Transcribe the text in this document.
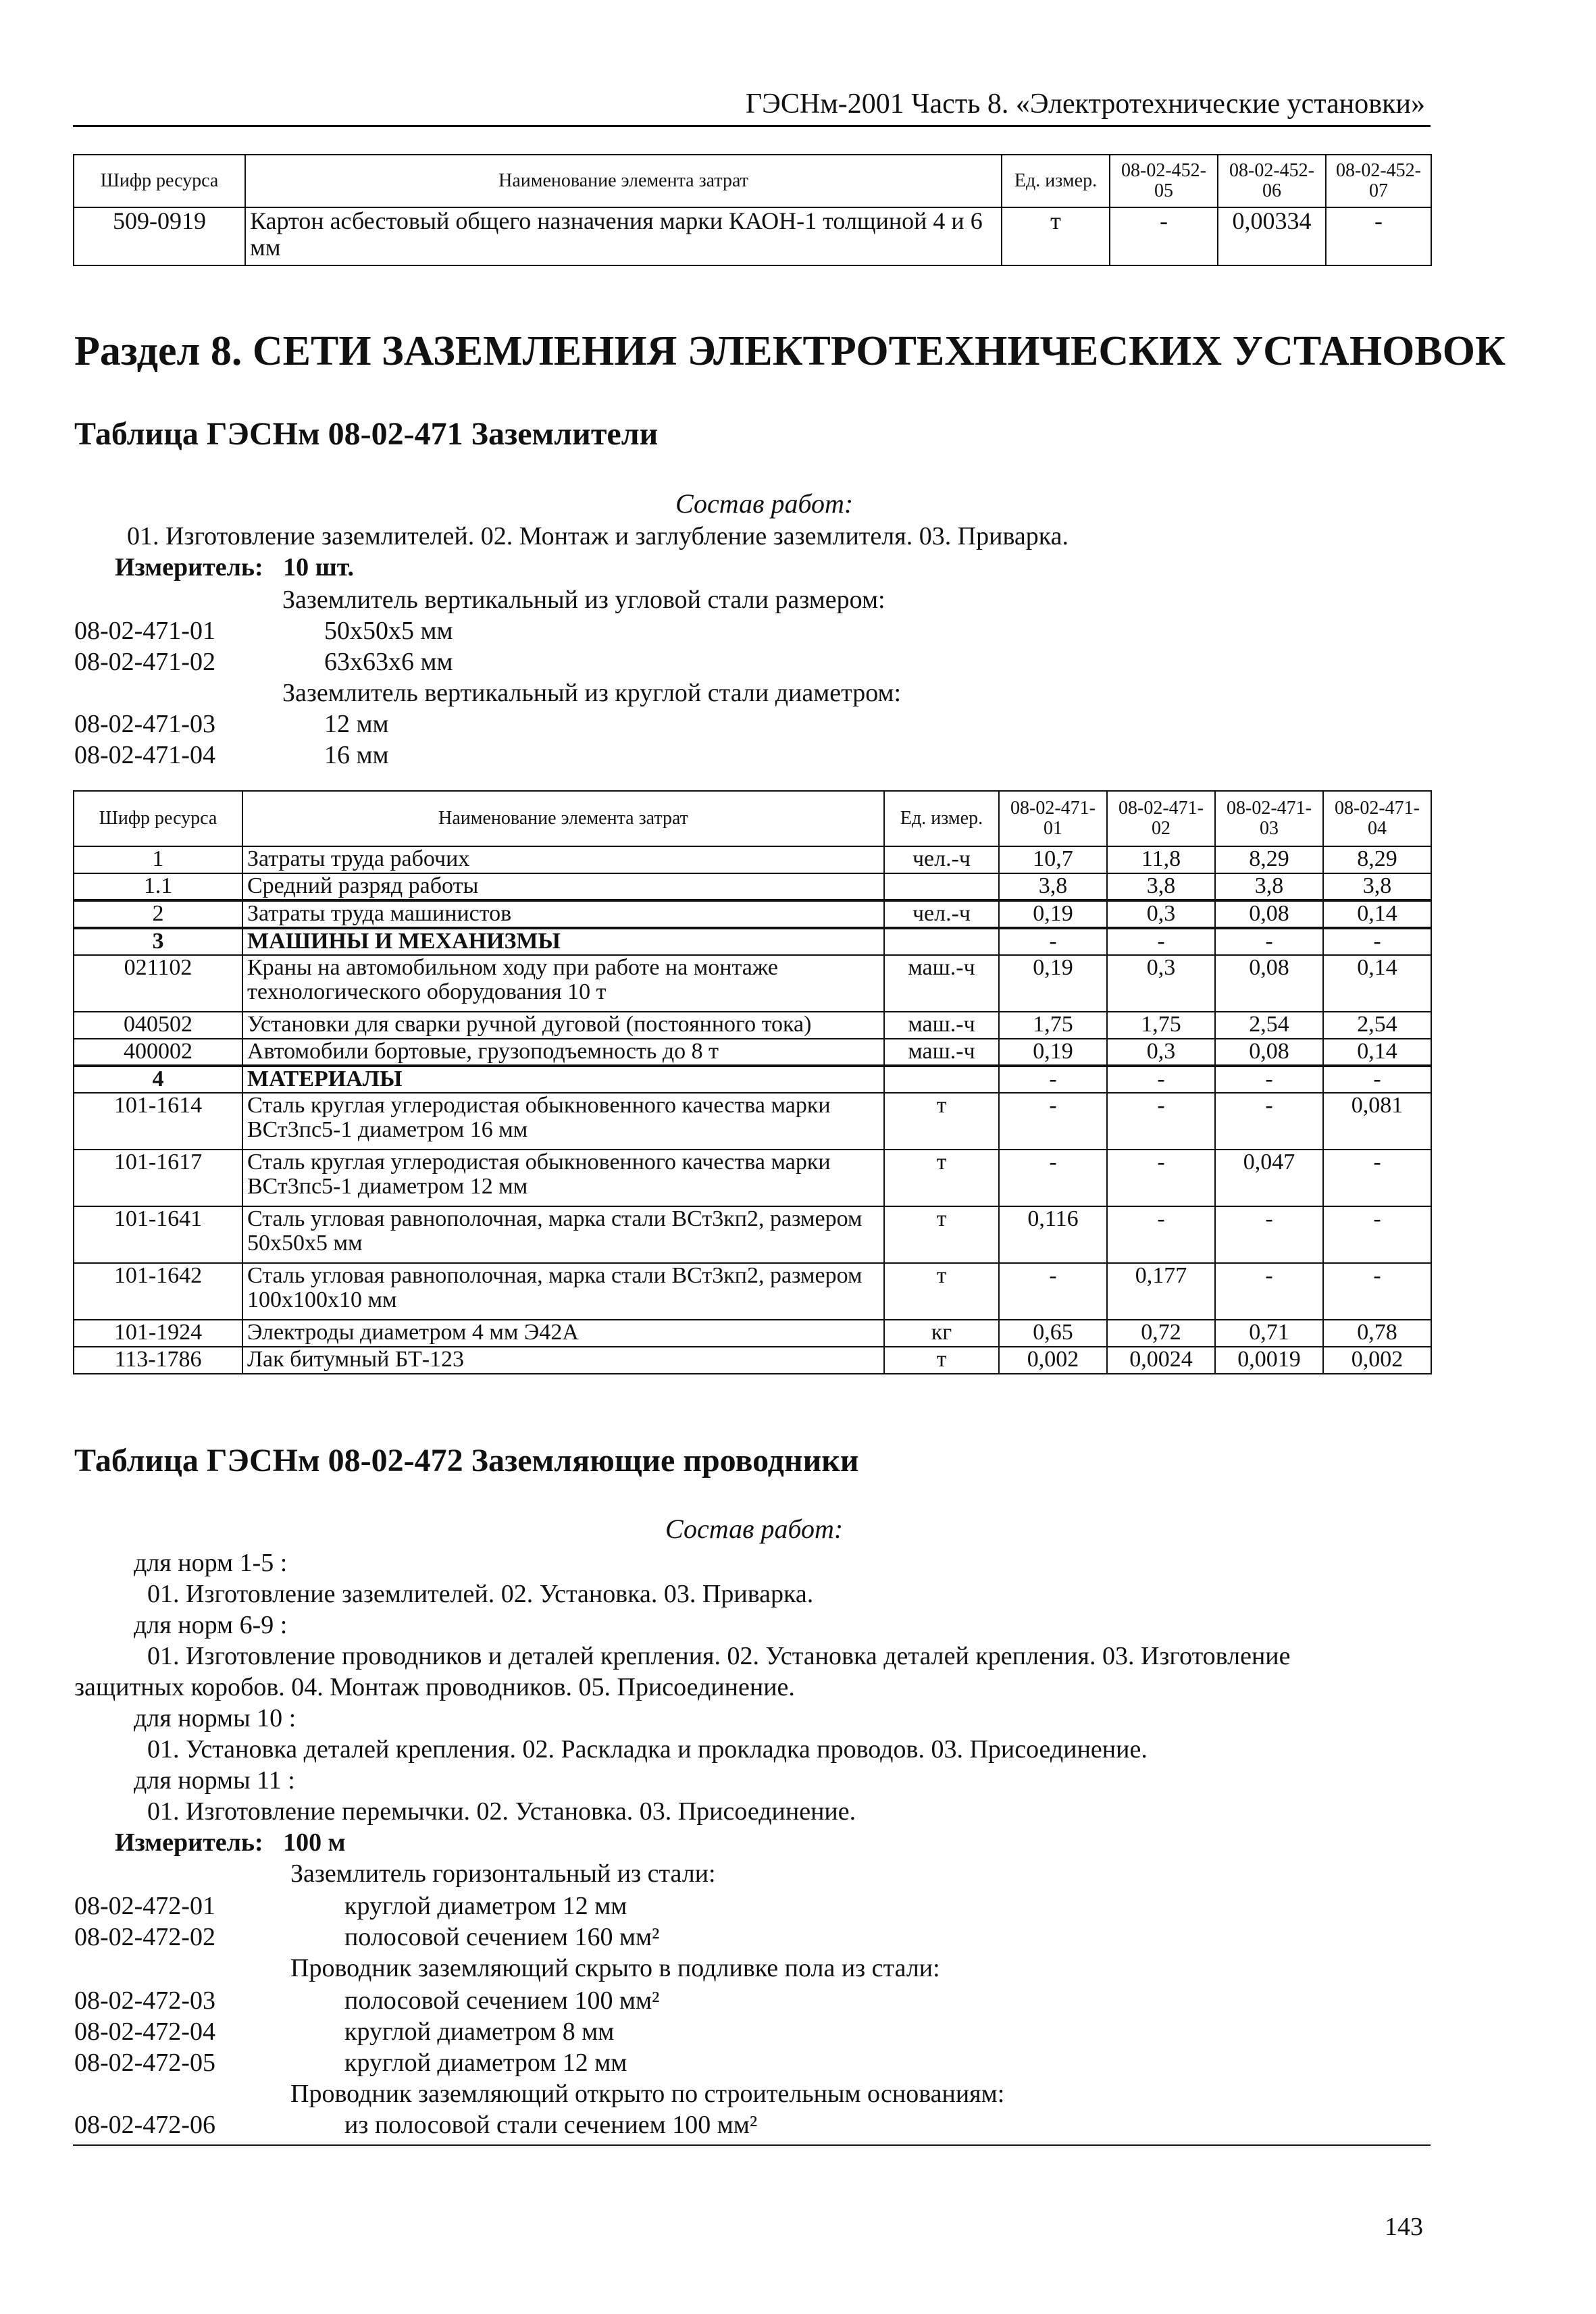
ГЭСНм-2001 Часть 8. «Электротехнические установки»
Шифр ресурса	Наименование элемента затрат	Ед. измер.	08-02-452-05	08-02-452-06	08-02-452-07
509-0919	Картон асбестовый общего назначения марки КАОН-1 толщиной 4 и 6 мм	т	-	0,00334	-
Раздел 8. СЕТИ ЗАЗЕМЛЕНИЯ ЭЛЕКТРОТЕХНИЧЕСКИХ УСТАНОВОК
Таблица ГЭСНм 08-02-471 Заземлители
Состав работ:
01. Изготовление заземлителей. 02. Монтаж и заглубление заземлителя. 03. Приварка.
Измеритель: 10 шт.
Заземлитель вертикальный из угловой стали размером:
08-02-471-01	50х50х5 мм
08-02-471-02	63х63х6 мм
Заземлитель вертикальный из круглой стали диаметром:
08-02-471-03	12 мм
08-02-471-04	16 мм
Шифр ресурса	Наименование элемента затрат	Ед. измер.	08-02-471-01	08-02-471-02	08-02-471-03	08-02-471-04
1	Затраты труда рабочих	чел.-ч	10,7	11,8	8,29	8,29
1.1	Средний разряд работы		3,8	3,8	3,8	3,8
2	Затраты труда машинистов	чел.-ч	0,19	0,3	0,08	0,14
3	МАШИНЫ И МЕХАНИЗМЫ		-	-	-	-
021102	Краны на автомобильном ходу при работе на монтаже технологического оборудования 10 т	маш.-ч	0,19	0,3	0,08	0,14
040502	Установки для сварки ручной дуговой (постоянного тока)	маш.-ч	1,75	1,75	2,54	2,54
400002	Автомобили бортовые, грузоподъемность до 8 т	маш.-ч	0,19	0,3	0,08	0,14
4	МАТЕРИАЛЫ		-	-	-	-
101-1614	Сталь круглая углеродистая обыкновенного качества марки ВСт3пс5-1 диаметром 16 мм	т	-	-	-	0,081
101-1617	Сталь круглая углеродистая обыкновенного качества марки ВСт3пс5-1 диаметром 12 мм	т	-	-	0,047	-
101-1641	Сталь угловая равнополочная, марка стали ВСт3кп2, размером 50х50х5 мм	т	0,116	-	-	-
101-1642	Сталь угловая равнополочная, марка стали ВСт3кп2, размером 100х100х10 мм	т	-	0,177	-	-
101-1924	Электроды диаметром 4 мм Э42А	кг	0,65	0,72	0,71	0,78
113-1786	Лак битумный БТ-123	т	0,002	0,0024	0,0019	0,002
Таблица ГЭСНм 08-02-472 Заземляющие проводники
Состав работ:
для норм 1-5 :
01. Изготовление заземлителей. 02. Установка. 03. Приварка.
для норм 6-9 :
01. Изготовление проводников и деталей крепления. 02. Установка деталей крепления. 03. Изготовление
защитных коробов. 04. Монтаж проводников. 05. Присоединение.
для нормы 10 :
01. Установка деталей крепления. 02. Раскладка и прокладка проводов. 03. Присоединение.
для нормы 11 :
01. Изготовление перемычки. 02. Установка. 03. Присоединение.
Измеритель: 100 м
Заземлитель горизонтальный из стали:
08-02-472-01	круглой диаметром 12 мм
08-02-472-02	полосовой сечением 160 мм²
Проводник заземляющий скрыто в подливке пола из стали:
08-02-472-03	полосовой сечением 100 мм²
08-02-472-04	круглой диаметром 8 мм
08-02-472-05	круглой диаметром 12 мм
Проводник заземляющий открыто по строительным основаниям:
08-02-472-06	из полосовой стали сечением 100 мм²
143
